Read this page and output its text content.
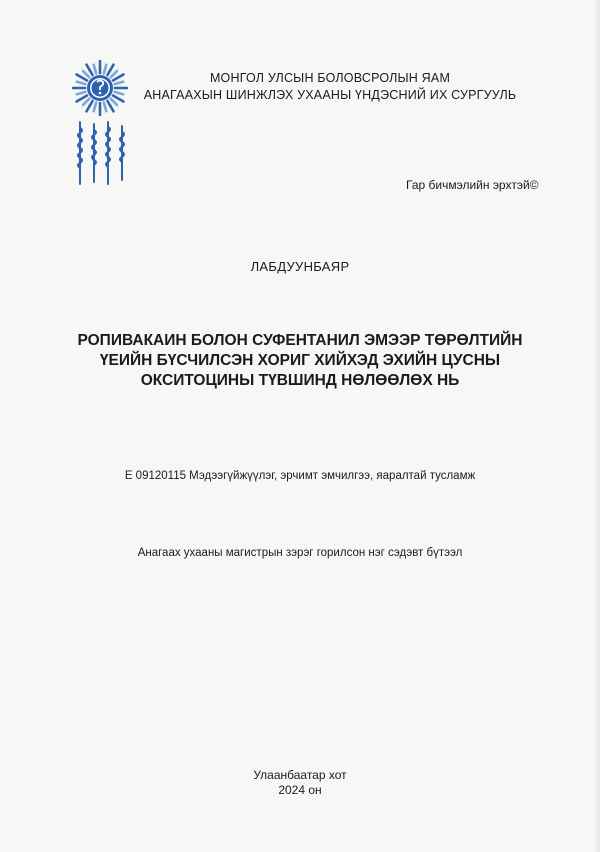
МОНГОЛ УЛСЫН БОЛОВСРОЛЫН ЯАМ
АНАГААХЫН ШИНЖЛЭХ УХААНЫ ҮНДЭСНИЙ ИХ СУРГУУЛЬ
Гар бичмэлийн эрхтэй©
ЛАБДУУНБАЯР
РОПИВАКАИН БОЛОН СУФЕНТАНИЛ ЭМЭЭР ТӨРӨЛТИЙН
ҮЕИЙН БҮСЧИЛСЭН ХОРИГ ХИЙХЭД ЭХИЙН ЦУСНЫ
ОКСИТОЦИНЫ ТҮВШИНД НӨЛӨӨЛӨХ НЬ
E 09120115 Мэдээгүйжүүлэг, эрчимт эмчилгээ, яаралтай тусламж
Анагаах ухааны магистрын зэрэг горилсон нэг сэдэвт бүтээл
Улаанбаатар хот
2024 он
